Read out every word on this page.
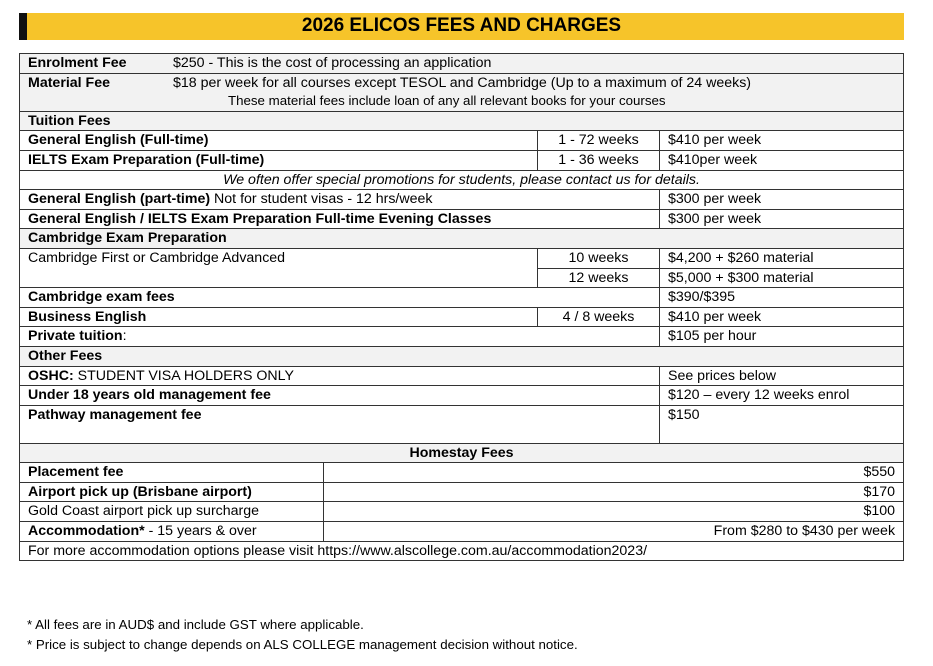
2026 ELICOS FEES AND CHARGES
Enrolment Fee $250 - This is the cost of processing an application			
Material Fee $18 per week for all courses except TESOL and Cambridge (Up to a maximum of 24 weeks)
These material fees include loan of any all relevant books for your courses			

Tuition Fees			
General English (Full-time)		1 - 72 weeks	$410 per week
IELTS Exam Preparation (Full-time)		1 - 36 weeks	$410per week
We often offer special promotions for students, please contact us for details.			
General English (part-time) Not for student visas - 12 hrs/week			$300 per week
General English / IELTS Exam Preparation Full-time Evening Classes			$300 per week
Cambridge Exam Preparation			
Cambridge First or Cambridge Advanced		10 weeks	$4,200 + $260 material
		12 weeks	$5,000 + $300 material
Cambridge exam fees			$390/$395
Business English		4 / 8 weeks	$410 per week
Private tuition:			$105 per hour
Other Fees			
OSHC: STUDENT VISA HOLDERS ONLY			See prices below
Under 18 years old management fee			$120 – every 12 weeks enrol
Pathway management fee			$150
Homestay Fees			
Placement fee	$550		
Airport pick up (Brisbane airport)	$170		
Gold Coast airport pick up surcharge	$100		
Accommodation* - 15 years & over	From $280 to $430 per week		
For more accommodation options please visit https://www.alscollege.com.au/accommodation2023/			
* All fees are in AUD$ and include GST where applicable.
* Price is subject to change depends on ALS COLLEGE management decision without notice.
